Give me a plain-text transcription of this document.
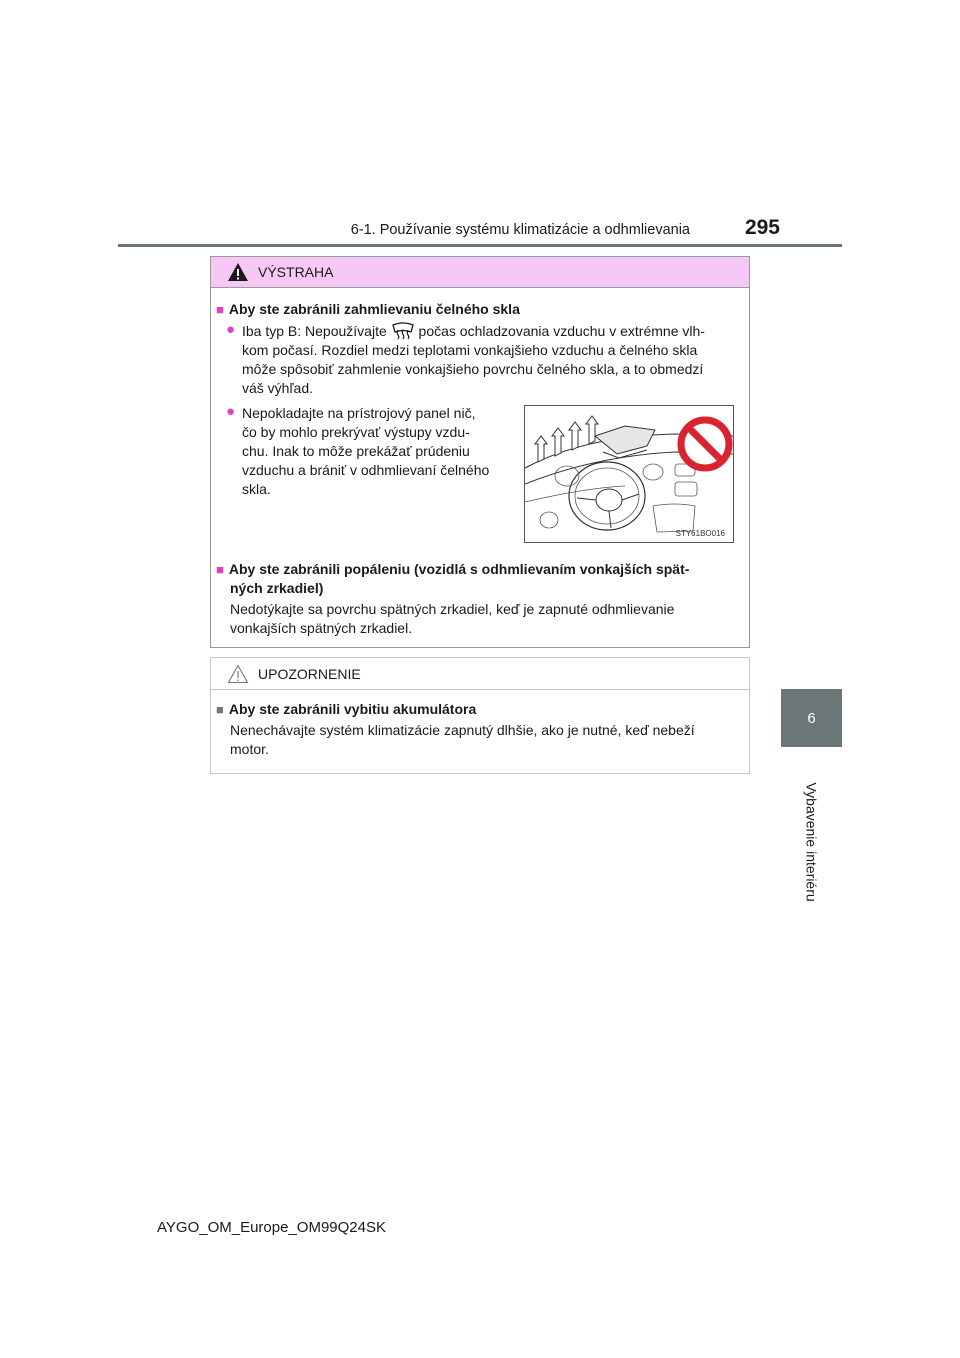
6-1. Používanie systému klimatizácie a odhmlievania	295
6
Vybavenie interiéru
VÝSTRAHA
■ Aby ste zabránili zahmlievaniu čelného skla
● Iba typ B: Nepoužívajte počas ochladzovania vzduchu v extrémne vlh-
kom počasí. Rozdiel medzi teplotami vonkajšieho vzduchu a čelného skla
môže spôsobiť zahmlenie vonkajšieho povrchu čelného skla, a to obmedzí
váš výhľad.
● Nepokladajte na prístrojový panel nič,
čo by mohlo prekrývať výstupy vzdu-
chu. Inak to môže prekážať prúdeniu
vzduchu a brániť v odhmlievaní čelného
skla.
STY61BO016
■ Aby ste zabránili popáleniu (vozidlá s odhmlievaním vonkajších spät-
ných zrkadiel)
Nedotýkajte sa povrchu spätných zrkadiel, keď je zapnuté odhmlievanie
vonkajších spätných zrkadiel.
UPOZORNENIE
■ Aby ste zabránili vybitiu akumulátora
Nenechávajte systém klimatizácie zapnutý dlhšie, ako je nutné, keď nebeží
motor.
AYGO_OM_Europe_OM99Q24SK
